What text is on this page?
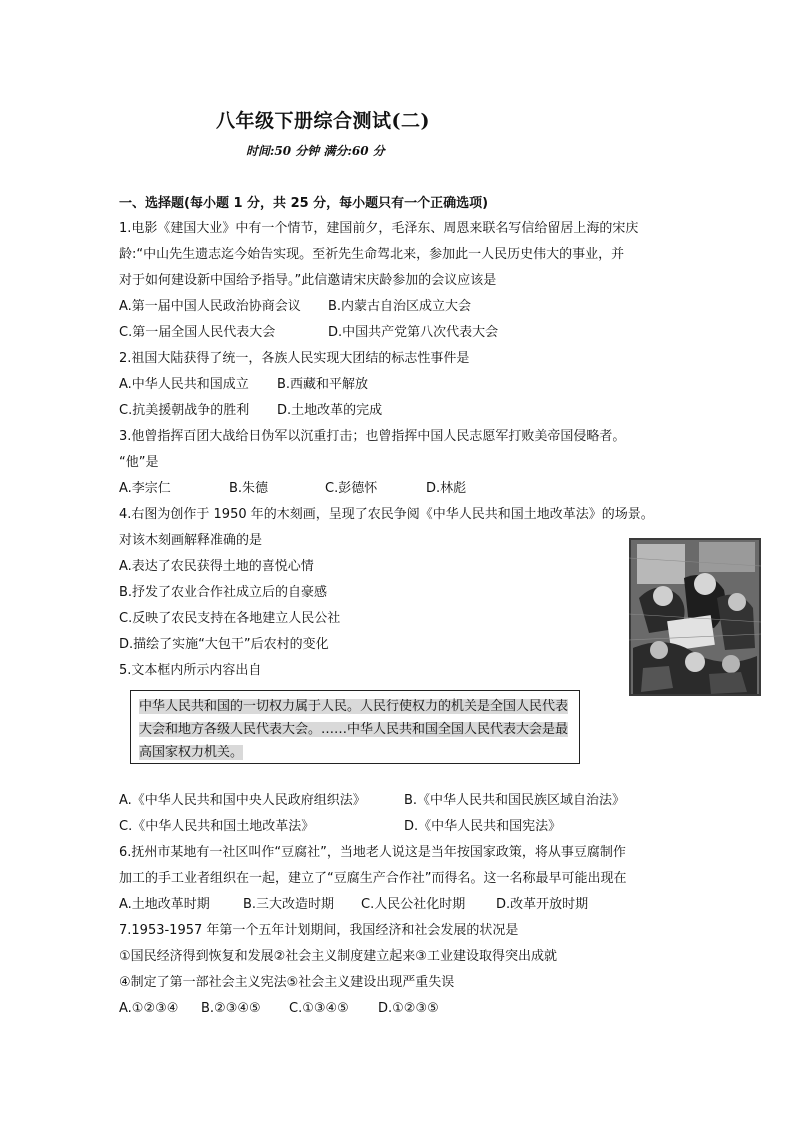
八年级下册综合测试(二)
时间:50 分钟 满分:60 分
一、选择题(每小题 1 分，共 25 分，每小题只有一个正确选项)
1.电影《建国大业》中有一个情节，建国前夕，毛泽东、周恩来联名写信给留居上海的宋庆
龄:“中山先生遗志迄今始告实现。至祈先生命驾北来，参加此一人民历史伟大的事业，并
对于如何建设新中国给予指导。”此信邀请宋庆龄参加的会议应该是
A.第一届中国人民政治协商会议 B.内蒙古自治区成立大会
C.第一届全国人民代表大会	D.中国共产党第八次代表大会
2.祖国大陆获得了统一，各族人民实现大团结的标志性事件是
A.中华人民共和国成立 B.西藏和平解放
C.抗美援朝战争的胜利 D.土地改革的完成
3.他曾指挥百团大战给日伪军以沉重打击；也曾指挥中国人民志愿军打败美帝国侵略者。
“他”是
A.李宗仁	B.朱德	C.彭德怀	D.林彪
4.右图为创作于 1950 年的木刻画，呈现了农民争阅《中华人民共和国土地改革法》的场景。
对该木刻画解释准确的是
A.表达了农民获得土地的喜悦心情
B.抒发了农业合作社成立后的自豪感
C.反映了农民支持在各地建立人民公社
D.描绘了实施“大包干”后农村的变化
5.文本框内所示内容出自
中华人民共和国的一切权力属于人民。人民行使权力的机关是全国人民代表大会和地方各级人民代表大会。……中华人民共和国全国人民代表大会是最高国家权力机关。
A.《中华人民共和国中央人民政府组织法》	B.《中华人民共和国民族区域自治法》
C.《中华人民共和国土地改革法》	D.《中华人民共和国宪法》
6.抚州市某地有一社区叫作“豆腐社”，当地老人说这是当年按国家政策，将从事豆腐制作
加工的手工业者组织在一起，建立了“豆腐生产合作社”而得名。这一名称最早可能出现在
A.土地改革时期	B.三大改造时期 C.人民公社化时期 D.改革开放时期
7.1953-1957 年第一个五年计划期间，我国经济和社会发展的状况是
①国民经济得到恢复和发展②社会主义制度建立起来③工业建设取得突出成就
④制定了第一部社会主义宪法⑤社会主义建设出现严重失误
A.①②③④ B.②③④⑤ C.①③④⑤ D.①②③⑤
